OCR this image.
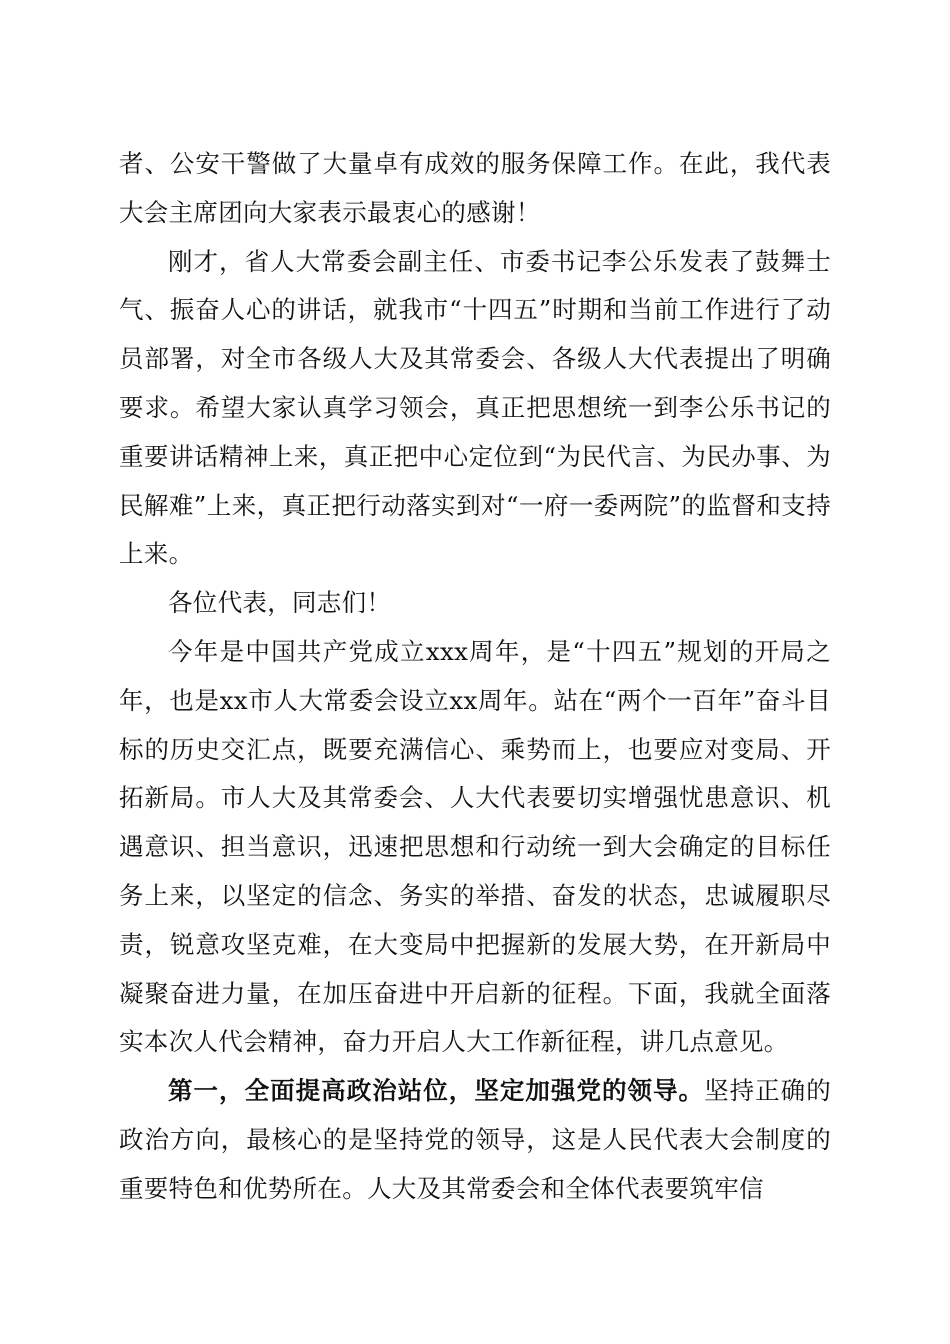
者、公安干警做了大量卓有成效的服务保障工作。在此，我代表大会主席团向大家表示最衷心的感谢！

刚才，省人大常委会副主任、市委书记李公乐发表了鼓舞士气、振奋人心的讲话，就我市“十四五”时期和当前工作进行了动员部署，对全市各级人大及其常委会、各级人大代表提出了明确要求。希望大家认真学习领会，真正把思想统一到李公乐书记的重要讲话精神上来，真正把中心定位到“为民代言、为民办事、为民解难”上来，真正把行动落实到对“一府一委两院”的监督和支持上来。

各位代表，同志们！

今年是中国共产党成立xxx周年，是“十四五”规划的开局之年，也是xx市人大常委会设立xx周年。站在“两个一百年”奋斗目标的历史交汇点，既要充满信心、乘势而上，也要应对变局、开拓新局。市人大及其常委会、人大代表要切实增强忧患意识、机遇意识、担当意识，迅速把思想和行动统一到大会确定的目标任务上来，以坚定的信念、务实的举措、奋发的状态，忠诚履职尽责，锐意攻坚克难，在大变局中把握新的发展大势，在开新局中凝聚奋进力量，在加压奋进中开启新的征程。下面，我就全面落实本次人代会精神，奋力开启人大工作新征程，讲几点意见。

第一，全面提高政治站位，坚定加强党的领导。坚持正确的政治方向，最核心的是坚持党的领导，这是人民代表大会制度的重要特色和优势所在。人大及其常委会和全体代表要筑牢信
